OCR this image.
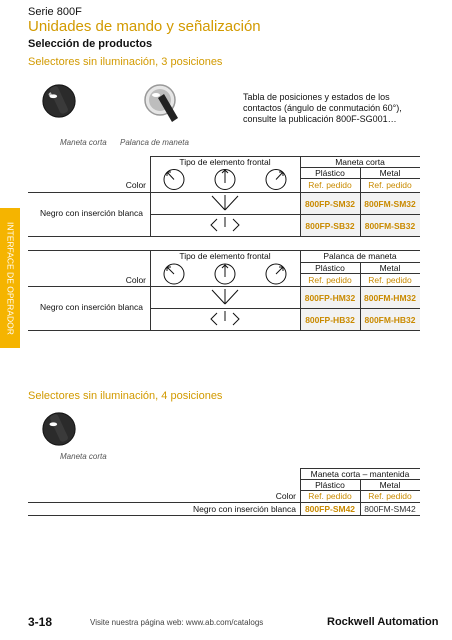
Serie 800F
Unidades de mando y señalización
Selección de productos
INTERFACE DE OPERADOR
Selectores sin iluminación, 3 posiciones
Maneta corta Palanca de maneta
Tabla de posiciones y estados de los contactos (ángulo de conmutación 60°), consulte la publicación 800F-SG001…
Tipo de elemento frontal	Maneta corta
Plástico	Metal
Color	Ref. pedido	Ref. pedido
Negro con inserción blanca
800FP-SM32	800FM-SM32
800FP-SB32	800FM-SB32
Tipo de elemento frontal	Palanca de maneta
Plástico	Metal
Color	Ref. pedido	Ref. pedido
Negro con inserción blanca
800FP-HM32	800FM-HM32
800FP-HB32	800FM-HB32
Selectores sin iluminación, 4 posiciones
Maneta corta
Maneta corta – mantenida
Plástico	Metal
Color	Ref. pedido	Ref. pedido
Negro con inserción blanca	800FP-SM42	800FM-SM42
3-18	Visite nuestra página web: www.ab.com/catalogs	Rockwell Automation
